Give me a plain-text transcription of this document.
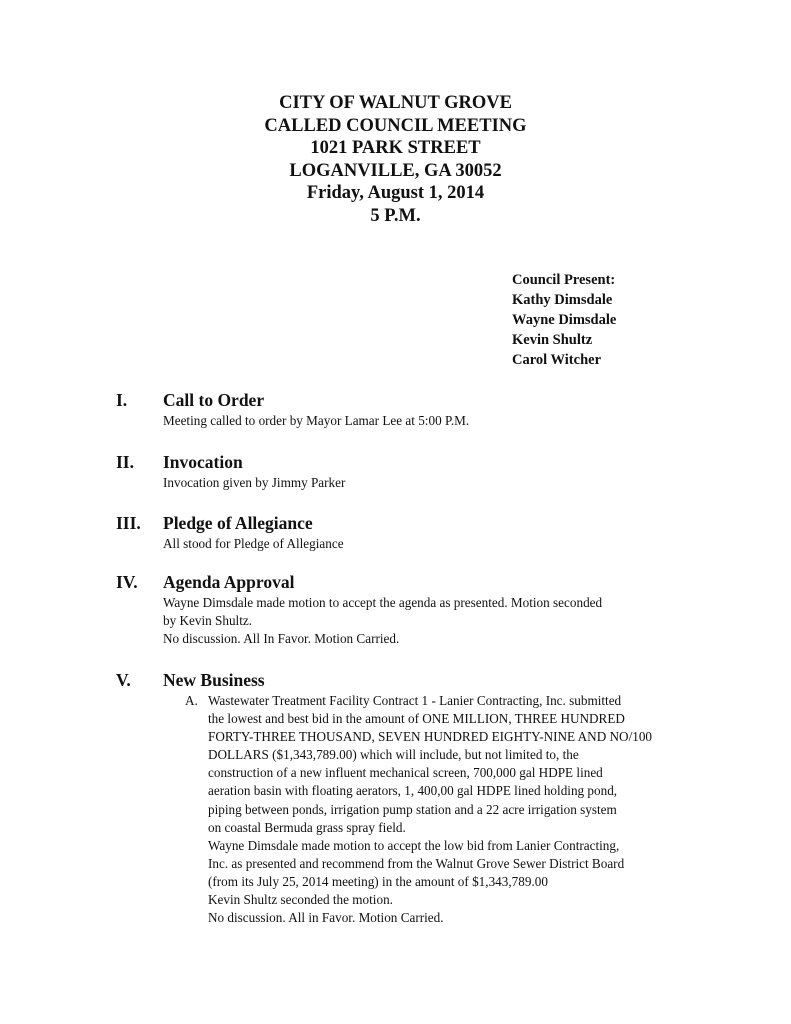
CITY OF WALNUT GROVE
CALLED COUNCIL MEETING
1021 PARK STREET
LOGANVILLE, GA 30052
Friday, August 1, 2014
5 P.M.
Council Present:
Kathy Dimsdale
Wayne Dimsdale
Kevin Shultz
Carol Witcher
I. Call to Order

Meeting called to order by Mayor Lamar Lee at 5:00 P.M.

II. Invocation

Invocation given by Jimmy Parker

III. Pledge of Allegiance

All stood for Pledge of Allegiance

IV. Agenda Approval

Wayne Dimsdale made motion to accept the agenda as presented. Motion seconded

by Kevin Shultz.

No discussion. All In Favor. Motion Carried.

V. New Business
A. Wastewater Treatment Facility Contract 1 - Lanier Contracting, Inc. submitted

the lowest and best bid in the amount of ONE MILLION, THREE HUNDRED

FORTY-THREE THOUSAND, SEVEN HUNDRED EIGHTY-NINE AND NO/100

DOLLARS ($1,343,789.00) which will include, but not limited to, the

construction of a new influent mechanical screen, 700,000 gal HDPE lined

aeration basin with floating aerators, 1, 400,00 gal HDPE lined holding pond,

piping between ponds, irrigation pump station and a 22 acre irrigation system

on coastal Bermuda grass spray field.

Wayne Dimsdale made motion to accept the low bid from Lanier Contracting,

Inc. as presented and recommend from the Walnut Grove Sewer District Board

(from its July 25, 2014 meeting) in the amount of $1,343,789.00

Kevin Shultz seconded the motion.

No discussion. All in Favor. Motion Carried.
